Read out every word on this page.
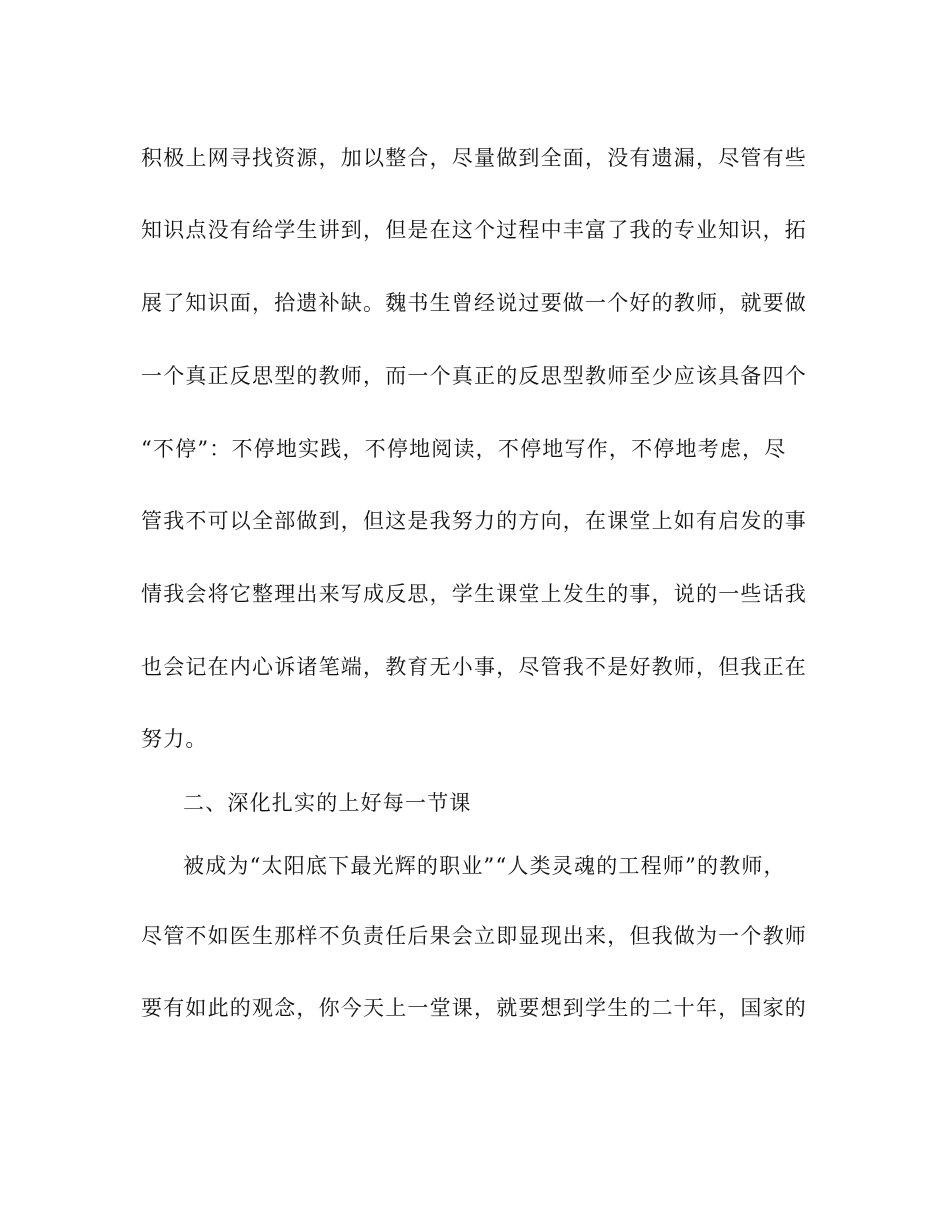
积极上网寻找资源，加以整合，尽量做到全面，没有遗漏，尽管有些
知识点没有给学生讲到，但是在这个过程中丰富了我的专业知识，拓
展了知识面，拾遗补缺。魏书生曾经说过要做一个好的教师，就要做
一个真正反思型的教师，而一个真正的反思型教师至少应该具备四个
“不停”：不停地实践，不停地阅读，不停地写作，不停地考虑，尽
管我不可以全部做到，但这是我努力的方向，在课堂上如有启发的事
情我会将它整理出来写成反思，学生课堂上发生的事，说的一些话我
也会记在内心诉诸笔端，教育无小事，尽管我不是好教师，但我正在
努力。
二、深化扎实的上好每一节课
被成为“太阳底下最光辉的职业”“人类灵魂的工程师”的教师，
尽管不如医生那样不负责任后果会立即显现出来，但我做为一个教师
要有如此的观念，你今天上一堂课，就要想到学生的二十年，国家的
